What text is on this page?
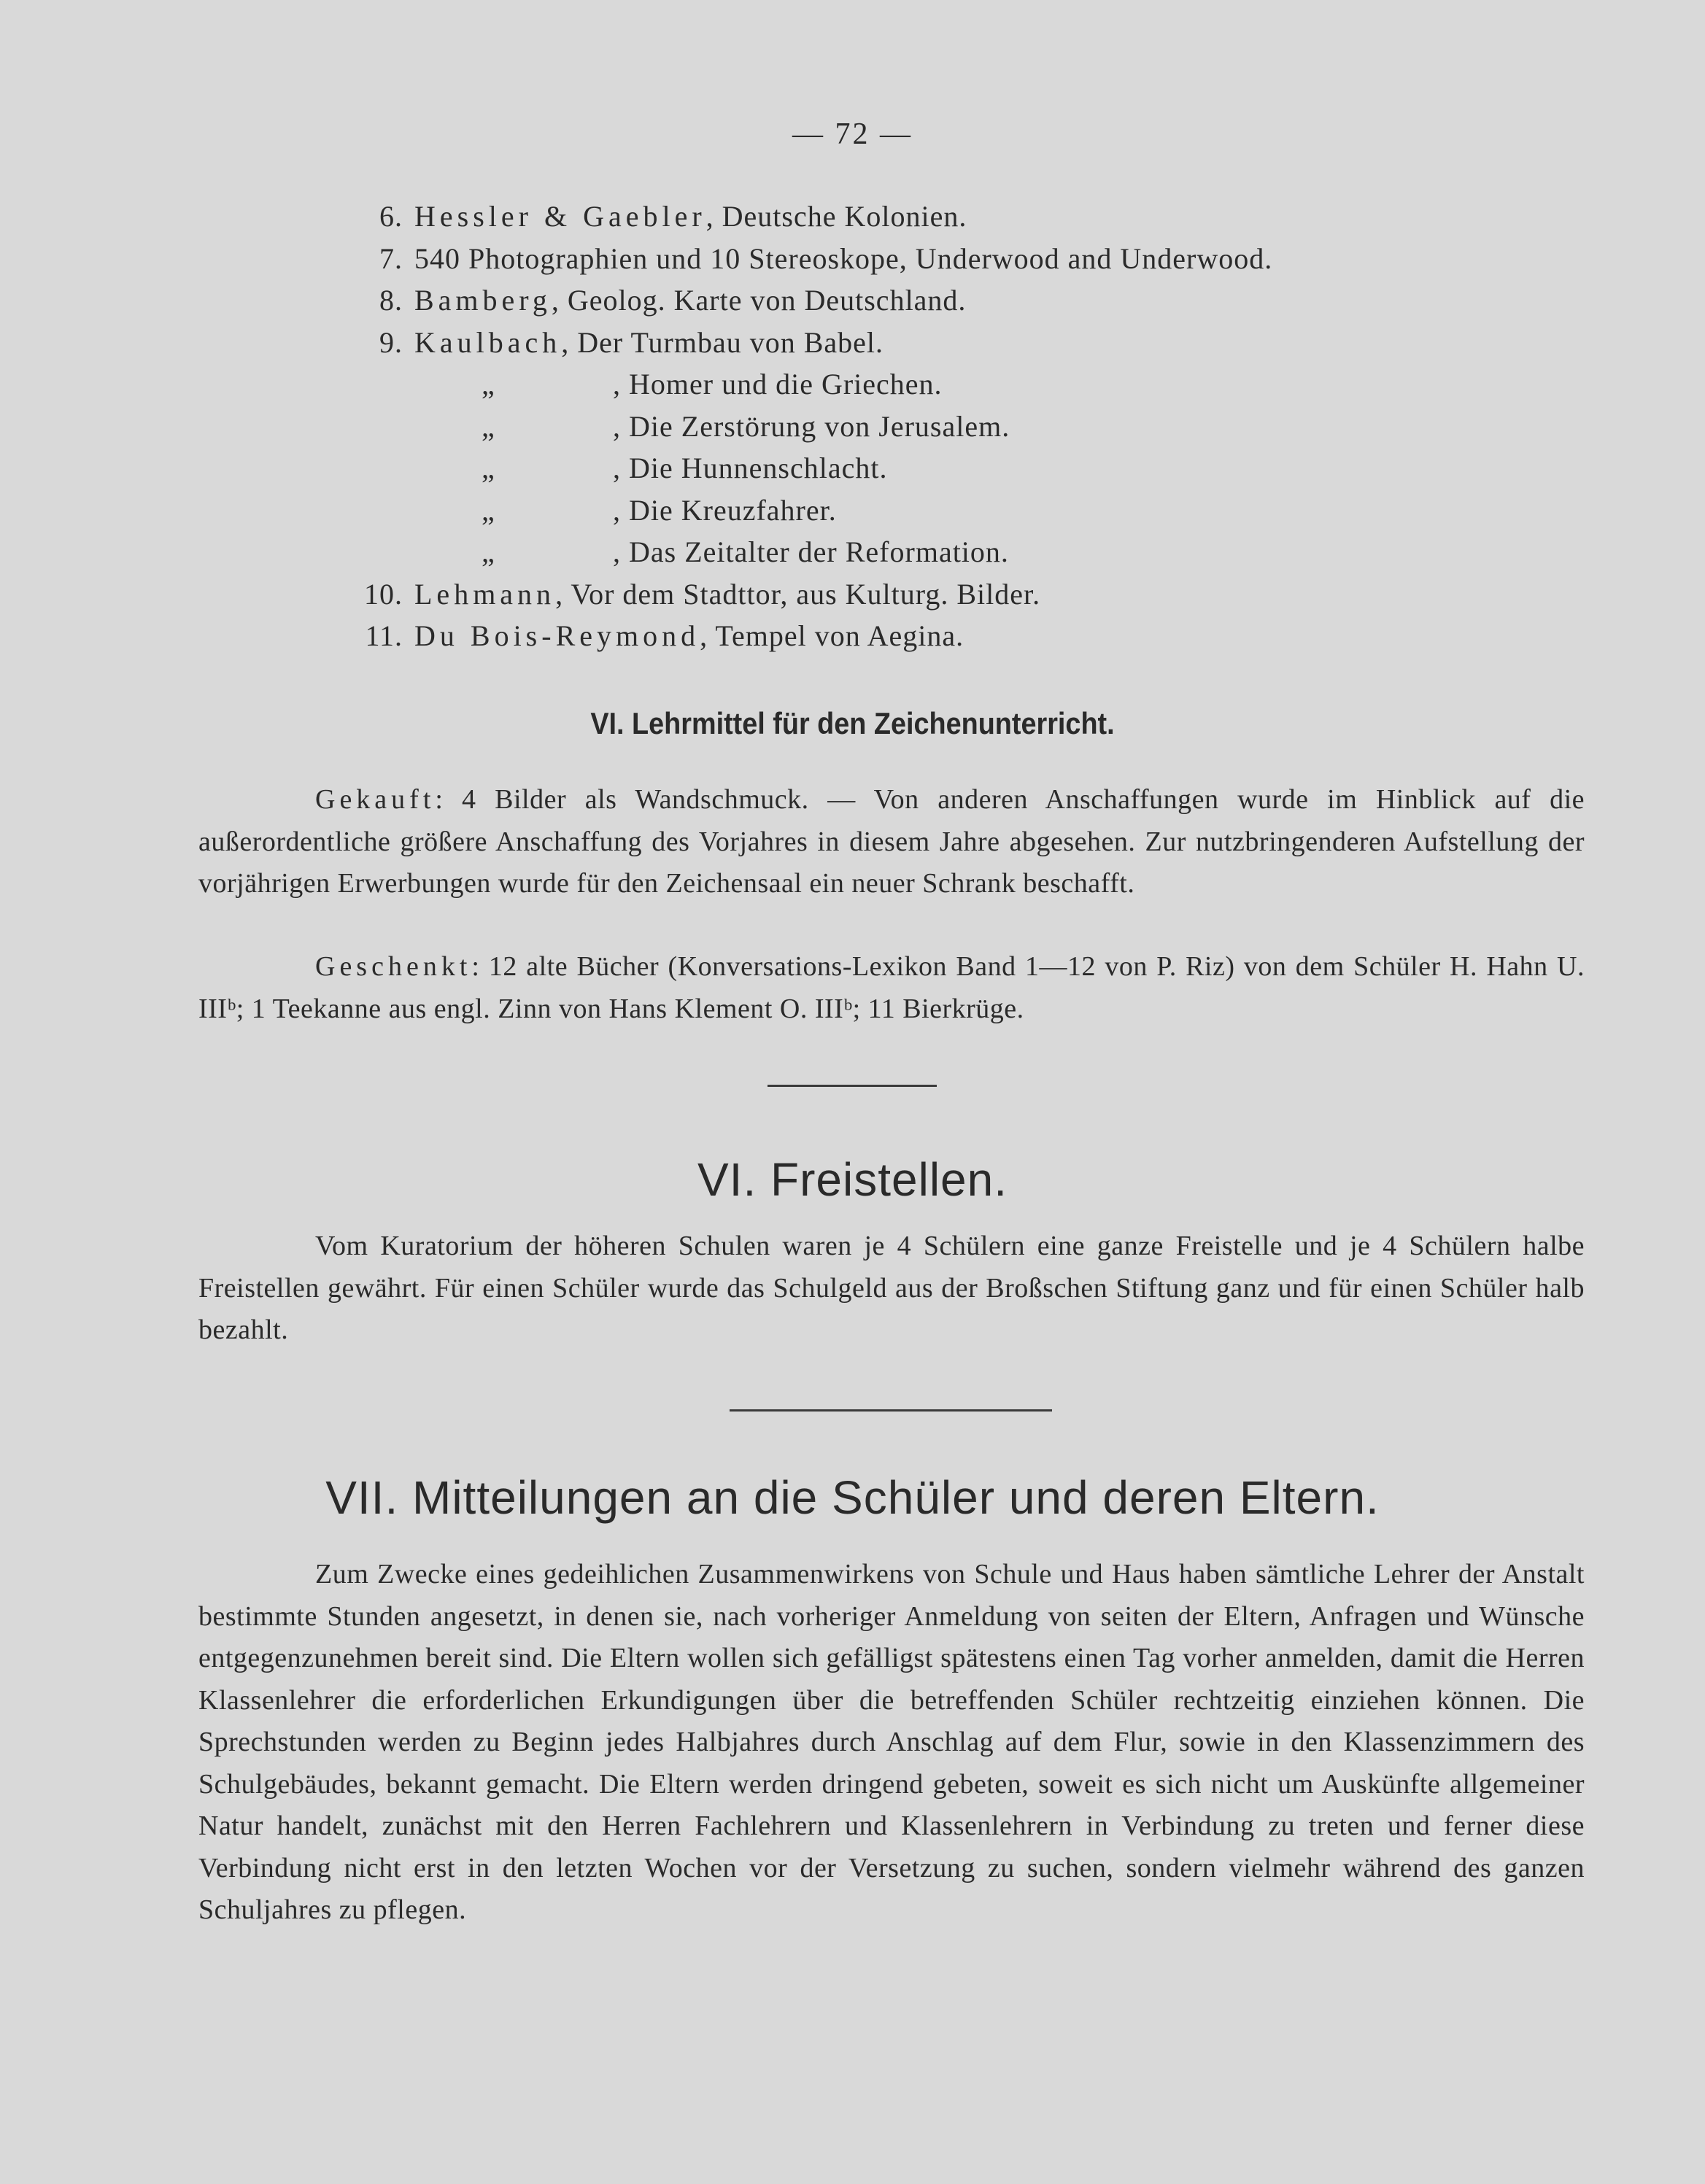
— 72 —
6. Hessler & Gaebler, Deutsche Kolonien.
7. 540 Photographien und 10 Stereoskope, Underwood and Underwood.
8. Bamberg, Geolog. Karte von Deutschland.
9. Kaulbach, Der Turmbau von Babel.
„	, Homer und die Griechen.
„	, Die Zerstörung von Jerusalem.
„	, Die Hunnenschlacht.
„	, Die Kreuzfahrer.
„	, Das Zeitalter der Reformation.
10. Lehmann, Vor dem Stadttor, aus Kulturg. Bilder.
11. Du Bois-Reymond, Tempel von Aegina.
VI. Lehrmittel für den Zeichenunterricht.
Gekauft: 4 Bilder als Wandschmuck. — Von anderen Anschaffungen wurde im Hinblick auf die außerordentliche größere Anschaffung des Vorjahres in diesem Jahre abgesehen. Zur nutzbringenderen Aufstellung der vorjährigen Erwerbungen wurde für den Zeichensaal ein neuer Schrank beschafft.
Geschenkt: 12 alte Bücher (Konversations-Lexikon Band 1—12 von P. Riz) von dem Schüler H. Hahn U. IIIᵇ; 1 Teekanne aus engl. Zinn von Hans Klement O. IIIᵇ; 11 Bierkrüge.
VI. Freistellen.
Vom Kuratorium der höheren Schulen waren je 4 Schülern eine ganze Freistelle und je 4 Schülern halbe Freistellen gewährt. Für einen Schüler wurde das Schulgeld aus der Broßschen Stiftung ganz und für einen Schüler halb bezahlt.
VII. Mitteilungen an die Schüler und deren Eltern.
Zum Zwecke eines gedeihlichen Zusammenwirkens von Schule und Haus haben sämtliche Lehrer der Anstalt bestimmte Stunden angesetzt, in denen sie, nach vorheriger Anmeldung von seiten der Eltern, Anfragen und Wünsche entgegenzunehmen bereit sind. Die Eltern wollen sich gefälligst spätestens einen Tag vorher anmelden, damit die Herren Klassenlehrer die erforderlichen Erkundigungen über die betreffenden Schüler rechtzeitig einziehen können. Die Sprechstunden werden zu Beginn jedes Halbjahres durch Anschlag auf dem Flur, sowie in den Klassenzimmern des Schulgebäudes, bekannt gemacht. Die Eltern werden dringend gebeten, soweit es sich nicht um Auskünfte allgemeiner Natur handelt, zunächst mit den Herren Fachlehrern und Klassenlehrern in Verbindung zu treten und ferner diese Verbindung nicht erst in den letzten Wochen vor der Versetzung zu suchen, sondern vielmehr während des ganzen Schuljahres zu pflegen.
